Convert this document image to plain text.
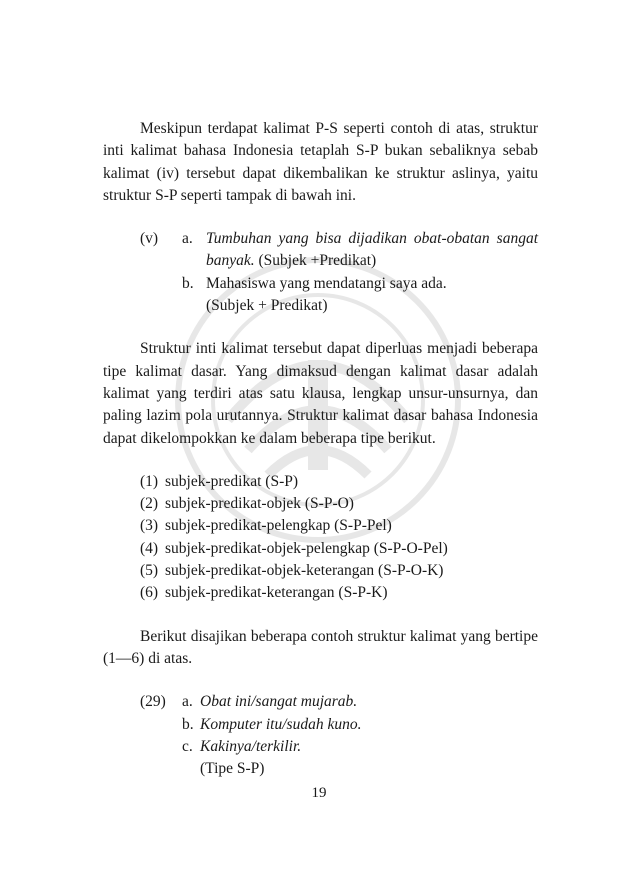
Meskipun terdapat kalimat P-S seperti contoh di atas, struktur inti kalimat bahasa Indonesia tetaplah S-P bukan sebaliknya sebab kalimat (iv) tersebut dapat dikembalikan ke struktur aslinya, yaitu struktur S-P seperti tampak di bawah ini.

(v)	a. Tumbuhan yang bisa dijadikan obat-obatan sangat banyak. (Subjek +Predikat)
b. Mahasiswa yang mendatangi saya ada.
(Subjek + Predikat)

Struktur inti kalimat tersebut dapat diperluas menjadi beberapa tipe kalimat dasar. Yang dimaksud dengan kalimat dasar adalah kalimat yang terdiri atas satu klausa, lengkap unsur-unsurnya, dan paling lazim pola urutannya. Struktur kalimat dasar bahasa Indonesia dapat dikelompokkan ke dalam beberapa tipe berikut.

(1) subjek-predikat (S-P)
(2) subjek-predikat-objek (S-P-O)
(3) subjek-predikat-pelengkap (S-P-Pel)
(4) subjek-predikat-objek-pelengkap (S-P-O-Pel)
(5) subjek-predikat-objek-keterangan (S-P-O-K)
(6) subjek-predikat-keterangan (S-P-K)

Berikut disajikan beberapa contoh struktur kalimat yang bertipe (1—6) di atas.

(29)	a. Obat ini/sangat mujarab.
b. Komputer itu/sudah kuno.
c. Kakinya/terkilir.
(Tipe S-P)
19
